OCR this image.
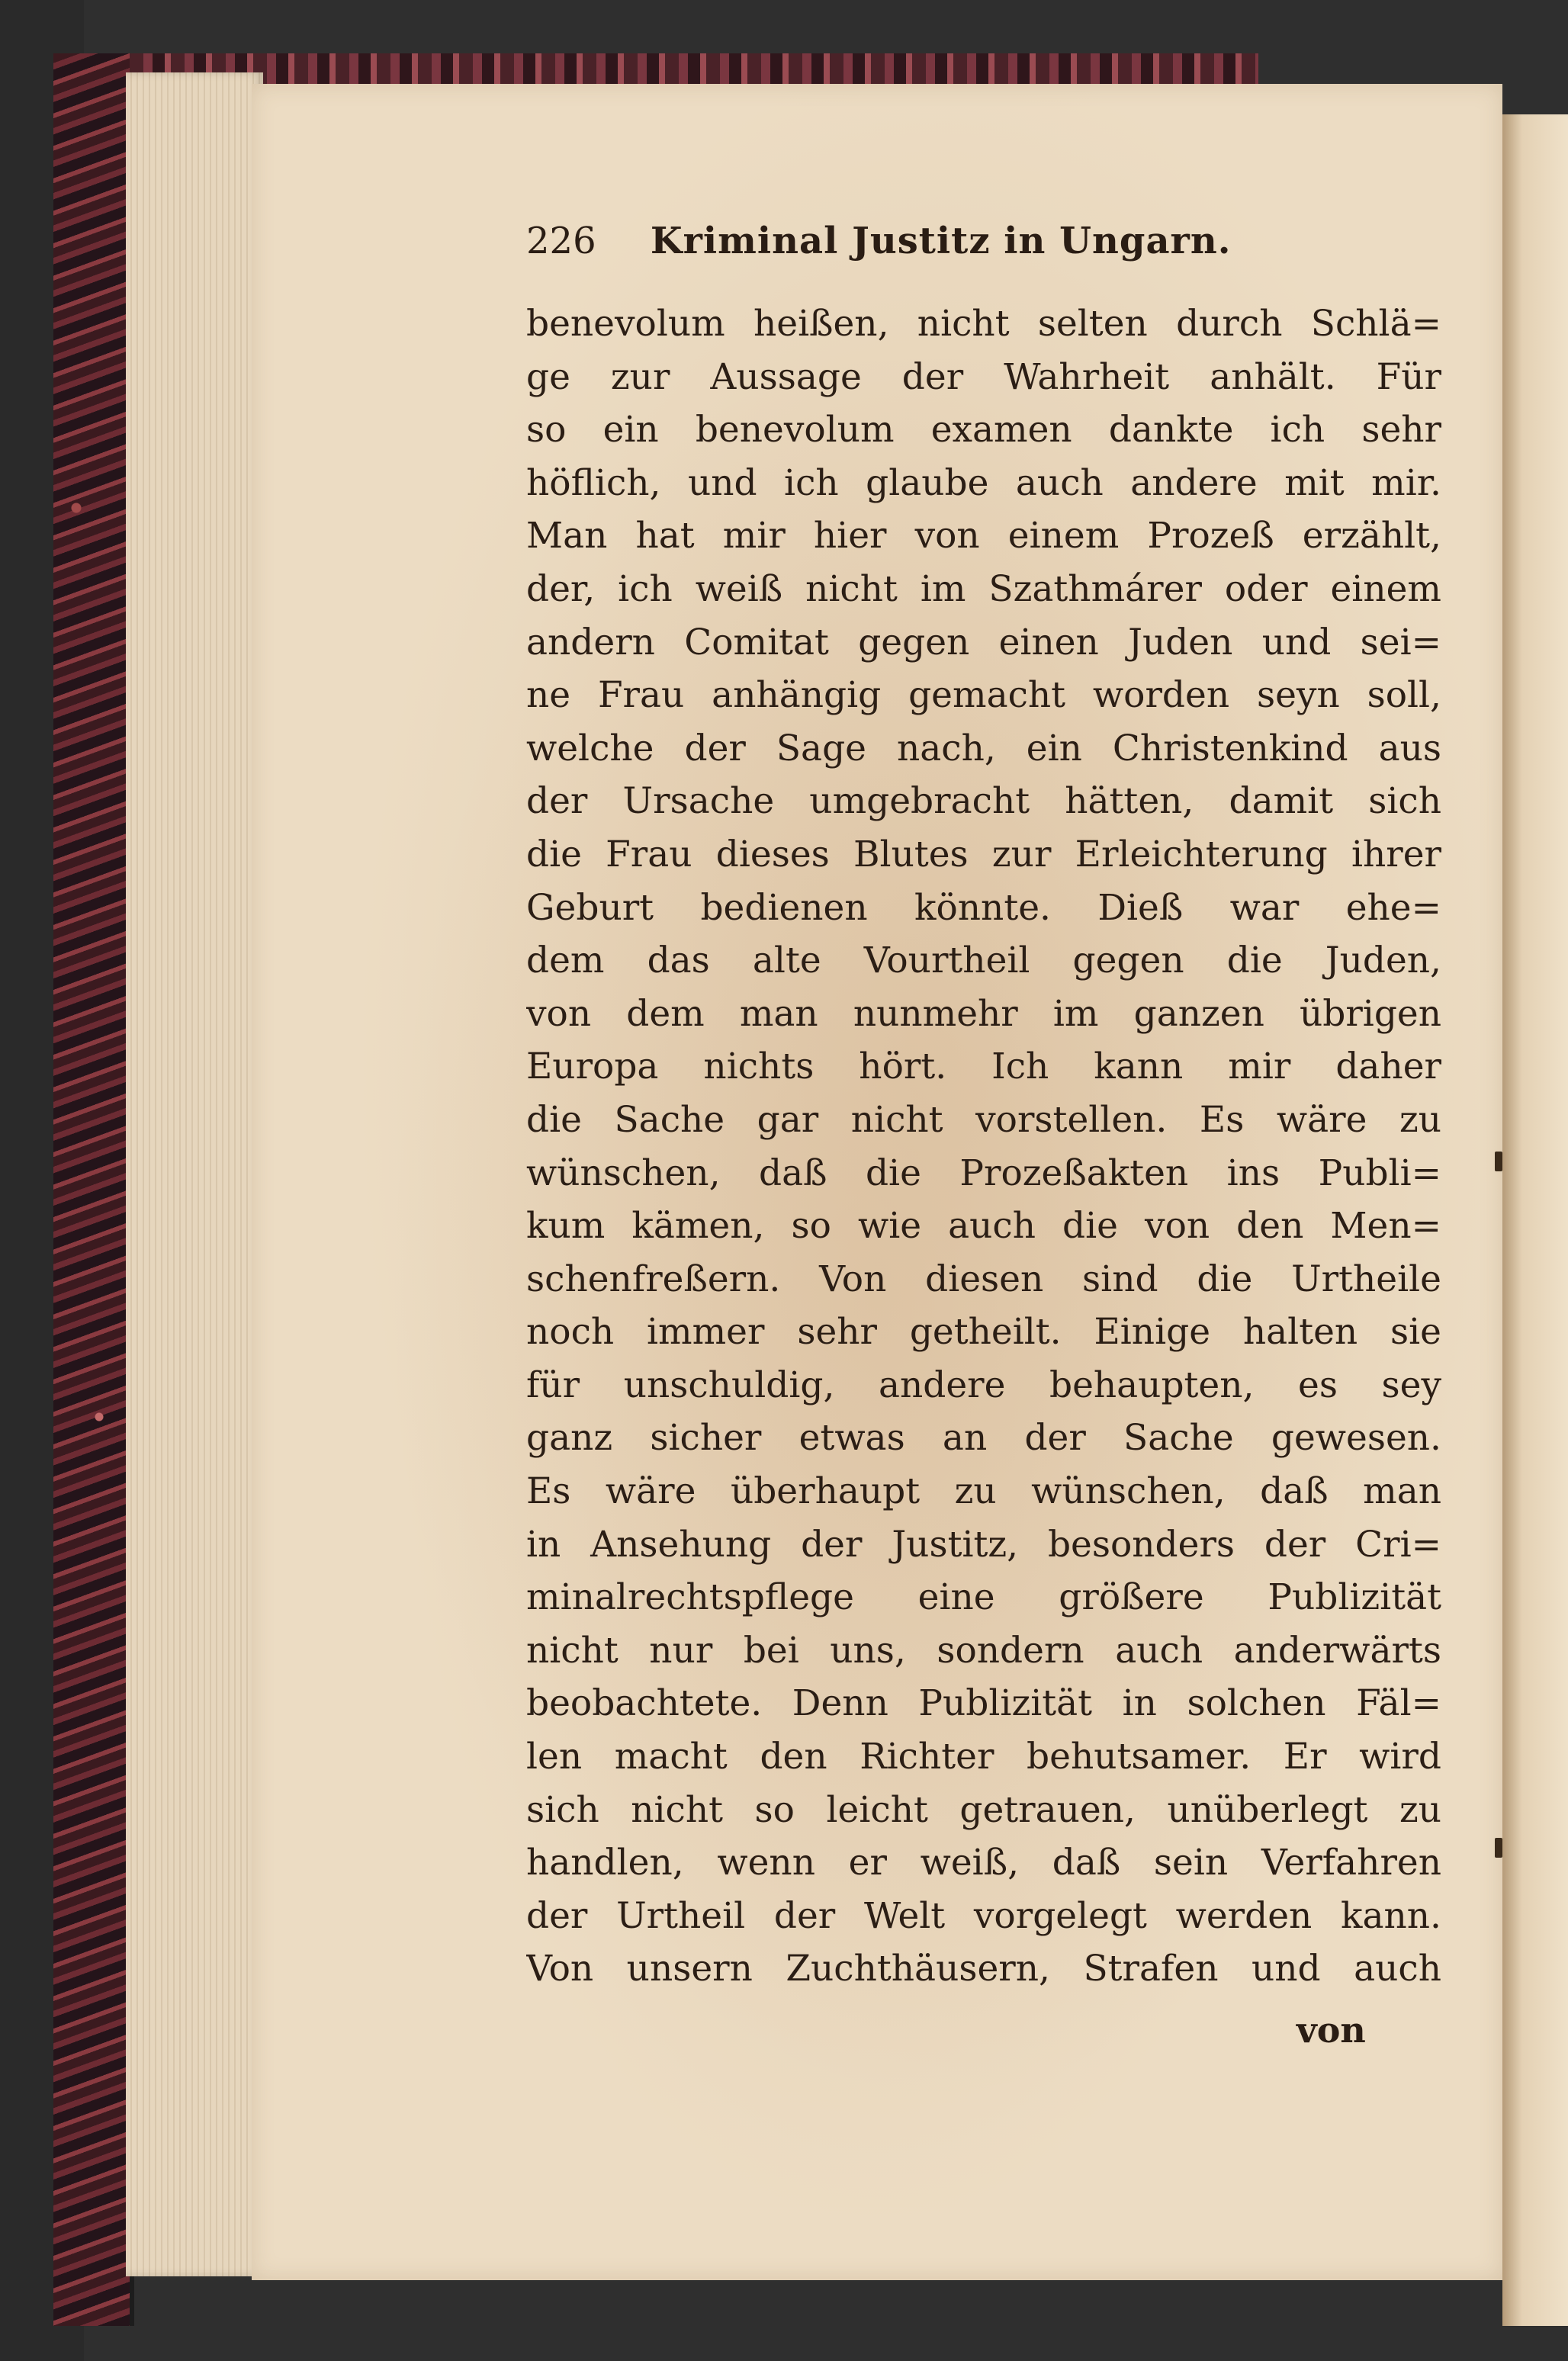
226 Kriminal Justitz in Ungarn.
benevolum heißen, nicht selten durch Schlä=
ge zur Aussage der Wahrheit anhält. Für
so ein benevolum examen dankte ich sehr
höflich, und ich glaube auch andere mit mir.
Man hat mir hier von einem Prozeß erzählt,
der, ich weiß nicht im Szathmárer oder einem
andern Comitat gegen einen Juden und sei=
ne Frau anhängig gemacht worden seyn soll,
welche der Sage nach, ein Christenkind aus
der Ursache umgebracht hätten, damit sich
die Frau dieses Blutes zur Erleichterung ihrer
Geburt bedienen könnte. Dieß war ehe=
dem das alte Vourtheil gegen die Juden,
von dem man nunmehr im ganzen übrigen
Europa nichts hört. Ich kann mir daher
die Sache gar nicht vorstellen. Es wäre zu
wünschen, daß die Prozeßakten ins Publi=
kum kämen, so wie auch die von den Men=
schenfreßern. Von diesen sind die Urtheile
noch immer sehr getheilt. Einige halten sie
für unschuldig, andere behaupten, es sey
ganz sicher etwas an der Sache gewesen.
Es wäre überhaupt zu wünschen, daß man
in Ansehung der Justitz, besonders der Cri=
minalrechtspflege eine größere Publizität
nicht nur bei uns, sondern auch anderwärts
beobachtete. Denn Publizität in solchen Fäl=
len macht den Richter behutsamer. Er wird
sich nicht so leicht getrauen, unüberlegt zu
handlen, wenn er weiß, daß sein Verfahren
der Urtheil der Welt vorgelegt werden kann.
Von unsern Zuchthäusern, Strafen und auch
von
